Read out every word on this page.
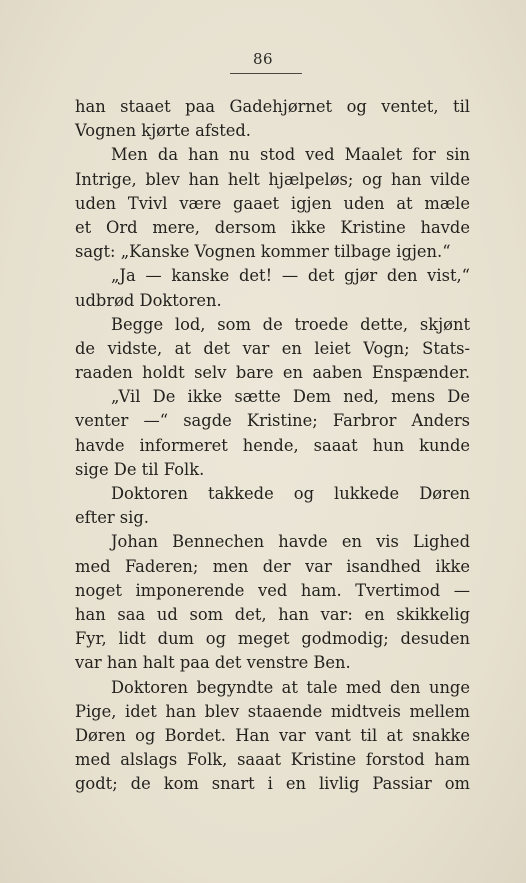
86
han staaet paa Gadehjørnet og ventet, til
Vognen kjørte afsted.
Men da han nu stod ved Maalet for sin
Intrige, blev han helt hjælpeløs; og han vilde
uden Tvivl være gaaet igjen uden at mæle
et Ord mere, dersom ikke Kristine havde
sagt: „Kanske Vognen kommer tilbage igjen.“
„Ja — kanske det! — det gjør den vist,“
udbrød Doktoren.
Begge lod, som de troede dette, skjønt
de vidste, at det var en leiet Vogn; Stats-
raaden holdt selv bare en aaben Enspænder.
„Vil De ikke sætte Dem ned, mens De
venter —“ sagde Kristine; Farbror Anders
havde informeret hende, saaat hun kunde
sige De til Folk.
Doktoren takkede og lukkede Døren
efter sig.
Johan Bennechen havde en vis Lighed
med Faderen; men der var isandhed ikke
noget imponerende ved ham. Tvertimod —
han saa ud som det, han var: en skikkelig
Fyr, lidt dum og meget godmodig; desuden
var han halt paa det venstre Ben.
Doktoren begyndte at tale med den unge
Pige, idet han blev staaende midtveis mellem
Døren og Bordet. Han var vant til at snakke
med alslags Folk, saaat Kristine forstod ham
godt; de kom snart i en livlig Passiar om
